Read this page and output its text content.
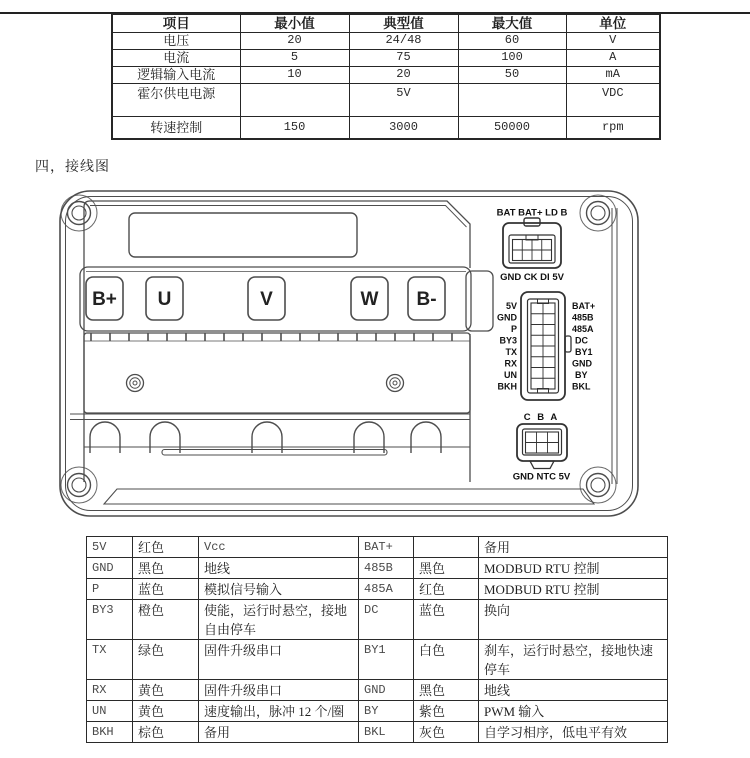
项目	最小值	典型值	最大值	单位
电压	20	24/48	60	V
电流	5	75	100	A
逻辑输入电流	10	20	50	mA
霍尔供电电源		5V		VDC
转速控制	150	3000	50000	rpm
四，接线图
B+ U	V	W B-
BAT BAT+ LD B
GND CK DI 5V
5V
GND
P
BY3
TX
RX
UN
BKH
BAT+
485B
485A
DC
BY1
GND
BY
BKL
C B A
GND NTC 5V
5V	红色	Vcc	BAT+		备用
GND	黑色	地线	485B	黑色	MODBUD RTU 控制
P	蓝色	模拟信号输入	485A	红色	MODBUD RTU 控制
BY3	橙色	使能，运行时悬空，接地自由停车	DC	蓝色	换向
TX	绿色	固件升级串口	BY1	白色	刹车，运行时悬空，接地快速停车
RX	黄色	固件升级串口	GND	黑色	地线
UN	黄色	速度输出，脉冲 12 个/圈	BY	紫色	PWM 输入
BKH	棕色	备用	BKL	灰色	自学习相序，低电平有效
